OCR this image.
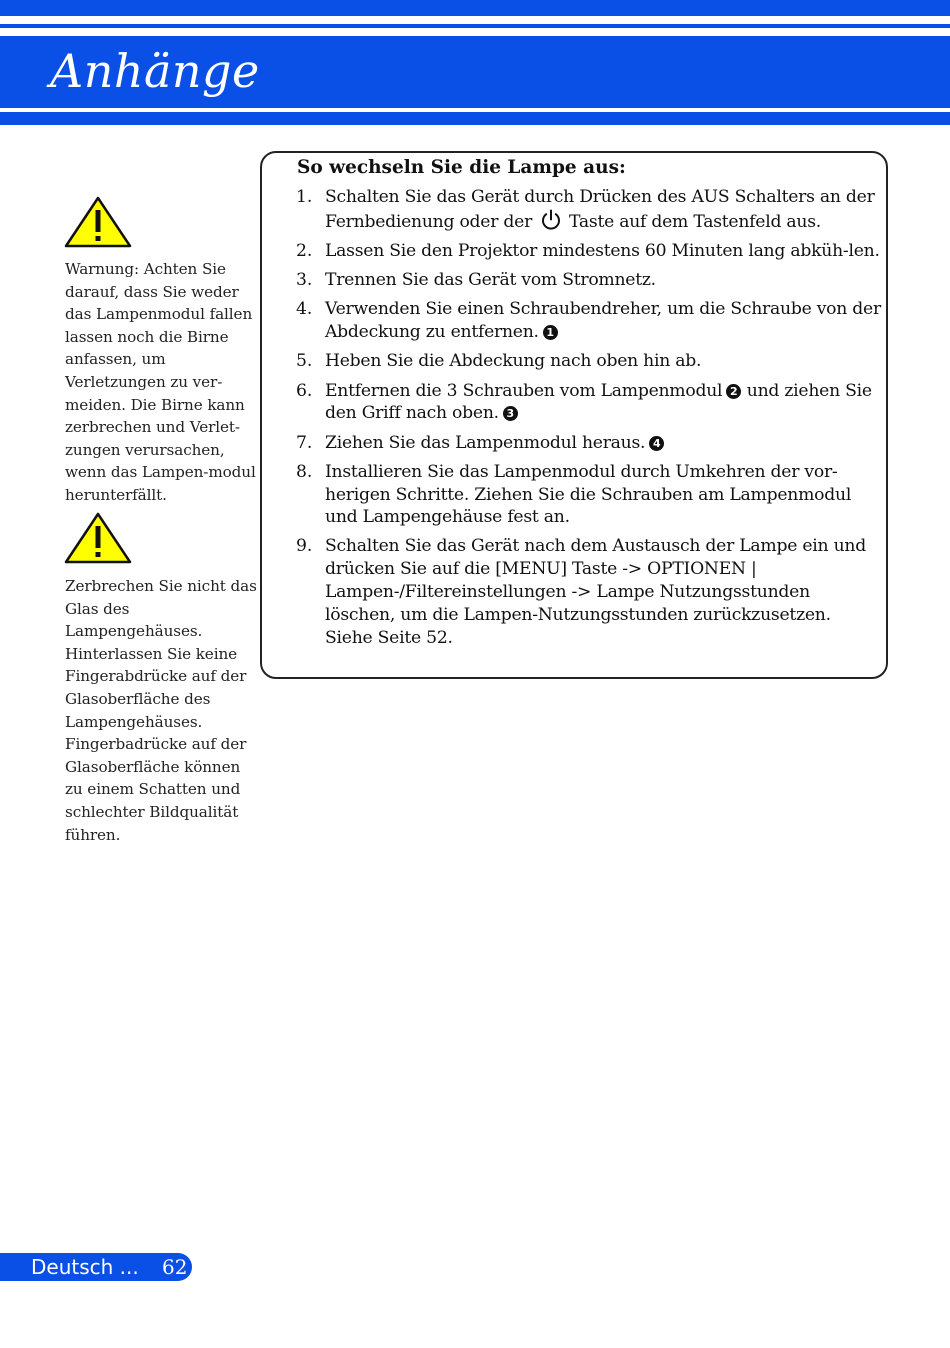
Anhänge
Warnung: Achten Sie darauf, dass Sie weder das Lampenmodul fallen lassen noch die Birne anfassen, um Verletzungen zu ver-meiden. Die Birne kann zerbrechen und Verlet-zungen verursachen, wenn das Lampen-modul herunterfällt.
Zerbrechen Sie nicht das Glas des Lampengehäuses. Hinterlassen Sie keine Fingerabdrücke auf der Glasoberfläche des Lampengehäuses. Fingerbadrücke auf der Glasoberfläche können zu einem Schatten und schlechter Bildqualität führen.
So wechseln Sie die Lampe aus:
1. Schalten Sie das Gerät durch Drücken des AUS Schalters an der Fernbedienung oder der Taste auf dem Tastenfeld aus.
2. Lassen Sie den Projektor mindestens 60 Minuten lang abküh-len.
3. Trennen Sie das Gerät vom Stromnetz.
4. Verwenden Sie einen Schraubendreher, um die Schraube von der Abdeckung zu entfernen. 1
5. Heben Sie die Abdeckung nach oben hin ab.
6. Entfernen die 3 Schrauben vom Lampenmodul 2 und ziehen Sie den Griff nach oben. 3
7. Ziehen Sie das Lampenmodul heraus. 4
8. Installieren Sie das Lampenmodul durch Umkehren der vor-herigen Schritte. Ziehen Sie die Schrauben am Lampenmodul und Lampengehäuse fest an.
9. Schalten Sie das Gerät nach dem Austausch der Lampe ein und drücken Sie auf die [MENU] Taste -> OPTIONEN | Lampen-/Filtereinstellungen -> Lampe Nutzungsstunden löschen, um die Lampen-Nutzungsstunden zurückzusetzen. Siehe Seite 52.
Deutsch ... 62
